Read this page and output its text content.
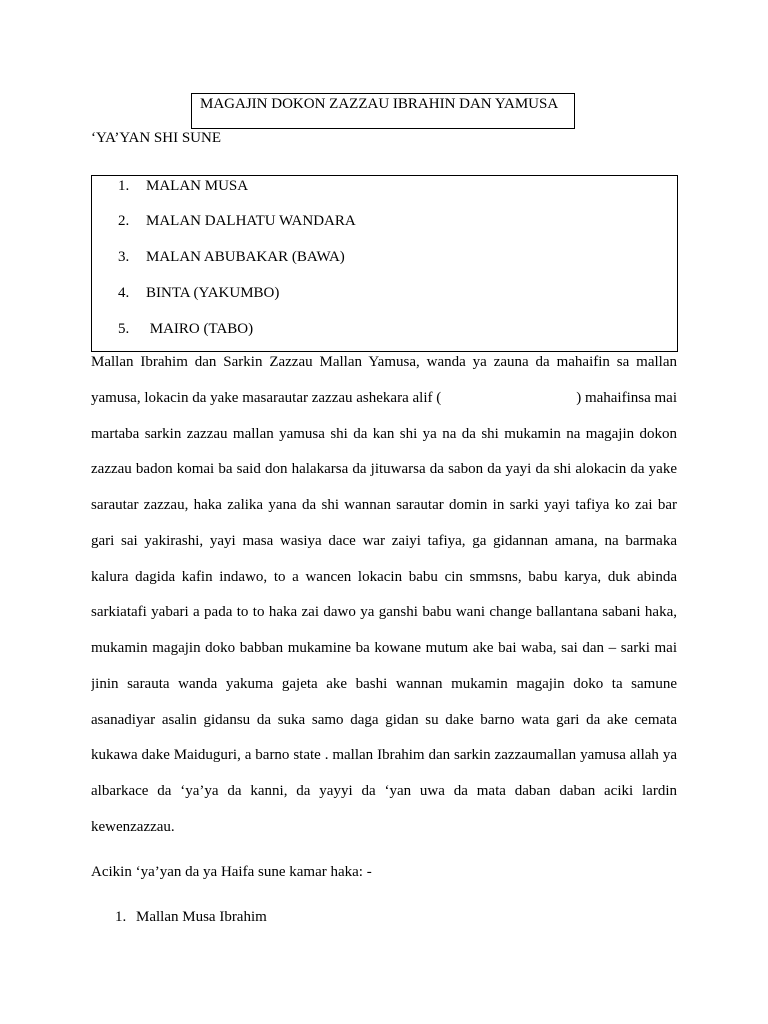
MAGAJIN DOKON ZAZZAU IBRAHIN DAN YAMUSA
‘YA’YAN SHI SUNE
1. MALAN MUSA
2. MALAN DALHATU WANDARA
3. MALAN ABUBAKAR (BAWA)
4. BINTA (YAKUMBO)
5. MAIRO (TABO)
Mallan Ibrahim dan Sarkin Zazzau Mallan Yamusa, wanda ya zauna da mahaifin sa mallan
yamusa, lokacin da yake masarautar zazzau ashekara alif (	) mahaifinsa mai
martaba sarkin zazzau mallan yamusa shi da kan shi ya na da shi mukamin na magajin dokon
zazzau badon komai ba said don halakarsa da jituwarsa da sabon da yayi da shi alokacin da yake
sarautar zazzau, haka zalika yana da shi wannan sarautar domin in sarki yayi tafiya ko zai bar
gari sai yakirashi, yayi masa wasiya dace war zaiyi tafiya, ga gidannan amana, na barmaka
kalura dagida kafin indawo, to a wancen lokacin babu cin smmsns, babu karya, duk abinda
sarkiatafi yabari a pada to to haka zai dawo ya ganshi babu wani change ballantana sabani haka,
mukamin magajin doko babban mukamine ba kowane mutum ake bai waba, sai dan – sarki mai
jinin sarauta wanda yakuma gajeta ake bashi wannan mukamin magajin doko ta samune
asanadiyar asalin gidansu da suka samo daga gidan su dake barno wata gari da ake cemata
kukawa dake Maiduguri, a barno state . mallan Ibrahim dan sarkin zazzaumallan yamusa allah ya
albarkace da ‘ya’ya da kanni, da yayyi da ‘yan uwa da mata daban daban aciki lardin
kewenzazzau.
Acikin ‘ya’yan da ya Haifa sune kamar haka: -
1. Mallan Musa Ibrahim
